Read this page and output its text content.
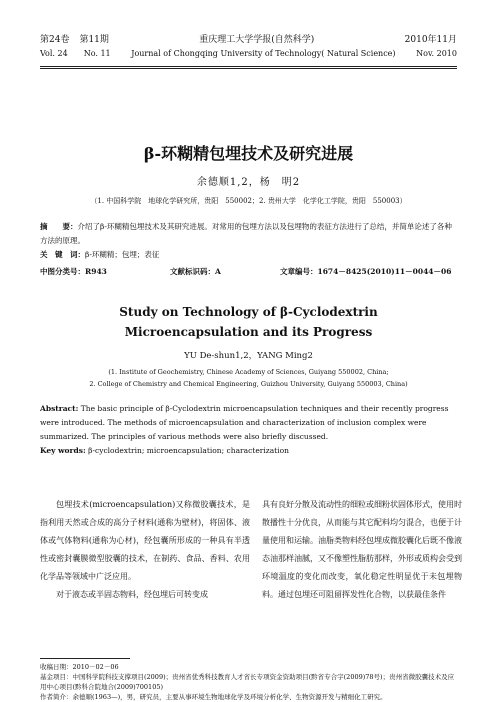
第24卷 第11期	重庆理工大学学报(自然科学)	2010年11月
Vol. 24 No. 11	Journal of Chongqing University of Technology( Natural Science)	Nov. 2010
β-环糊精包埋技术及研究进展
余德顺1,2，杨　明2
（1. 中国科学院　地球化学研究所，贵阳　550002；2. 贵州大学　化学化工学院，贵阳　550003）

摘　　要：介绍了β-环糊精包埋技术及其研究进展。对常用的包埋方法以及包埋物的表征方法进行了总结，并简单论述了各种方法的原理。

关　键　词：β-环糊精；包埋；表征

中图分类号：R943	文献标识码：A	文章编号：1674－8425(2010)11－0044－06
Study on Technology of β-Cyclodextrin
Microencapsulation and its Progress
YU De-shun1,2，YANG Ming2
(1. Institute of Geochemistry, Chinese Academy of Sciences, Guiyang 550002, China;
2. College of Chemistry and Chemical Engineering, Guizhou University, Guiyang 550003, China)

Abstract: The basic principle of β-Cyclodextrin microencapsulation techniques and their recently progress were introduced. The methods of microencapsulation and characterization of inclusion complex were summarized. The principles of various methods were also briefly discussed.

Key words: β-cyclodextrin; microencapsulation; characterization

包埋技术(microencapsulation)又称微胶囊技术，是指利用天然或合成的高分子材料(通称为壁材)，将固体、液体或气体物料(通称为心材)，经包囊所形成的一种具有半透性或密封囊膜微型胶囊的技术，在制药、食品、香料、农用化学品等领域中广泛应用。

对于液态或半固态物料，经包埋后可转变成

具有良好分散及流动性的细粒或细粉状固体形式，使用时散播性十分优良，从而能与其它配料均匀混合，也便于计量使用和运输。油脂类物料经包埋成微胶囊化后既不像液态油那样油腻，又不像塑性脂肪那样，外形或质构会受到环境温度的变化而改变，氧化稳定性明显优于未包埋物料。通过包埋还可阻留挥发性化合物，以获最佳条件

收稿日期：2010－02－06

基金项目：中国科学院科技支撑项目(2009)；贵州省优秀科技教育人才省长专项资金资助项目(黔省专合字(2009)78号)；贵州省微胶囊技术及应用中心项目(黔科合院地合(2009)700105)

作者简介：余德顺(1963—)，男，研究员，主要从事环境生物地球化学及环境分析化学、生物资源开发与精细化工研究。
